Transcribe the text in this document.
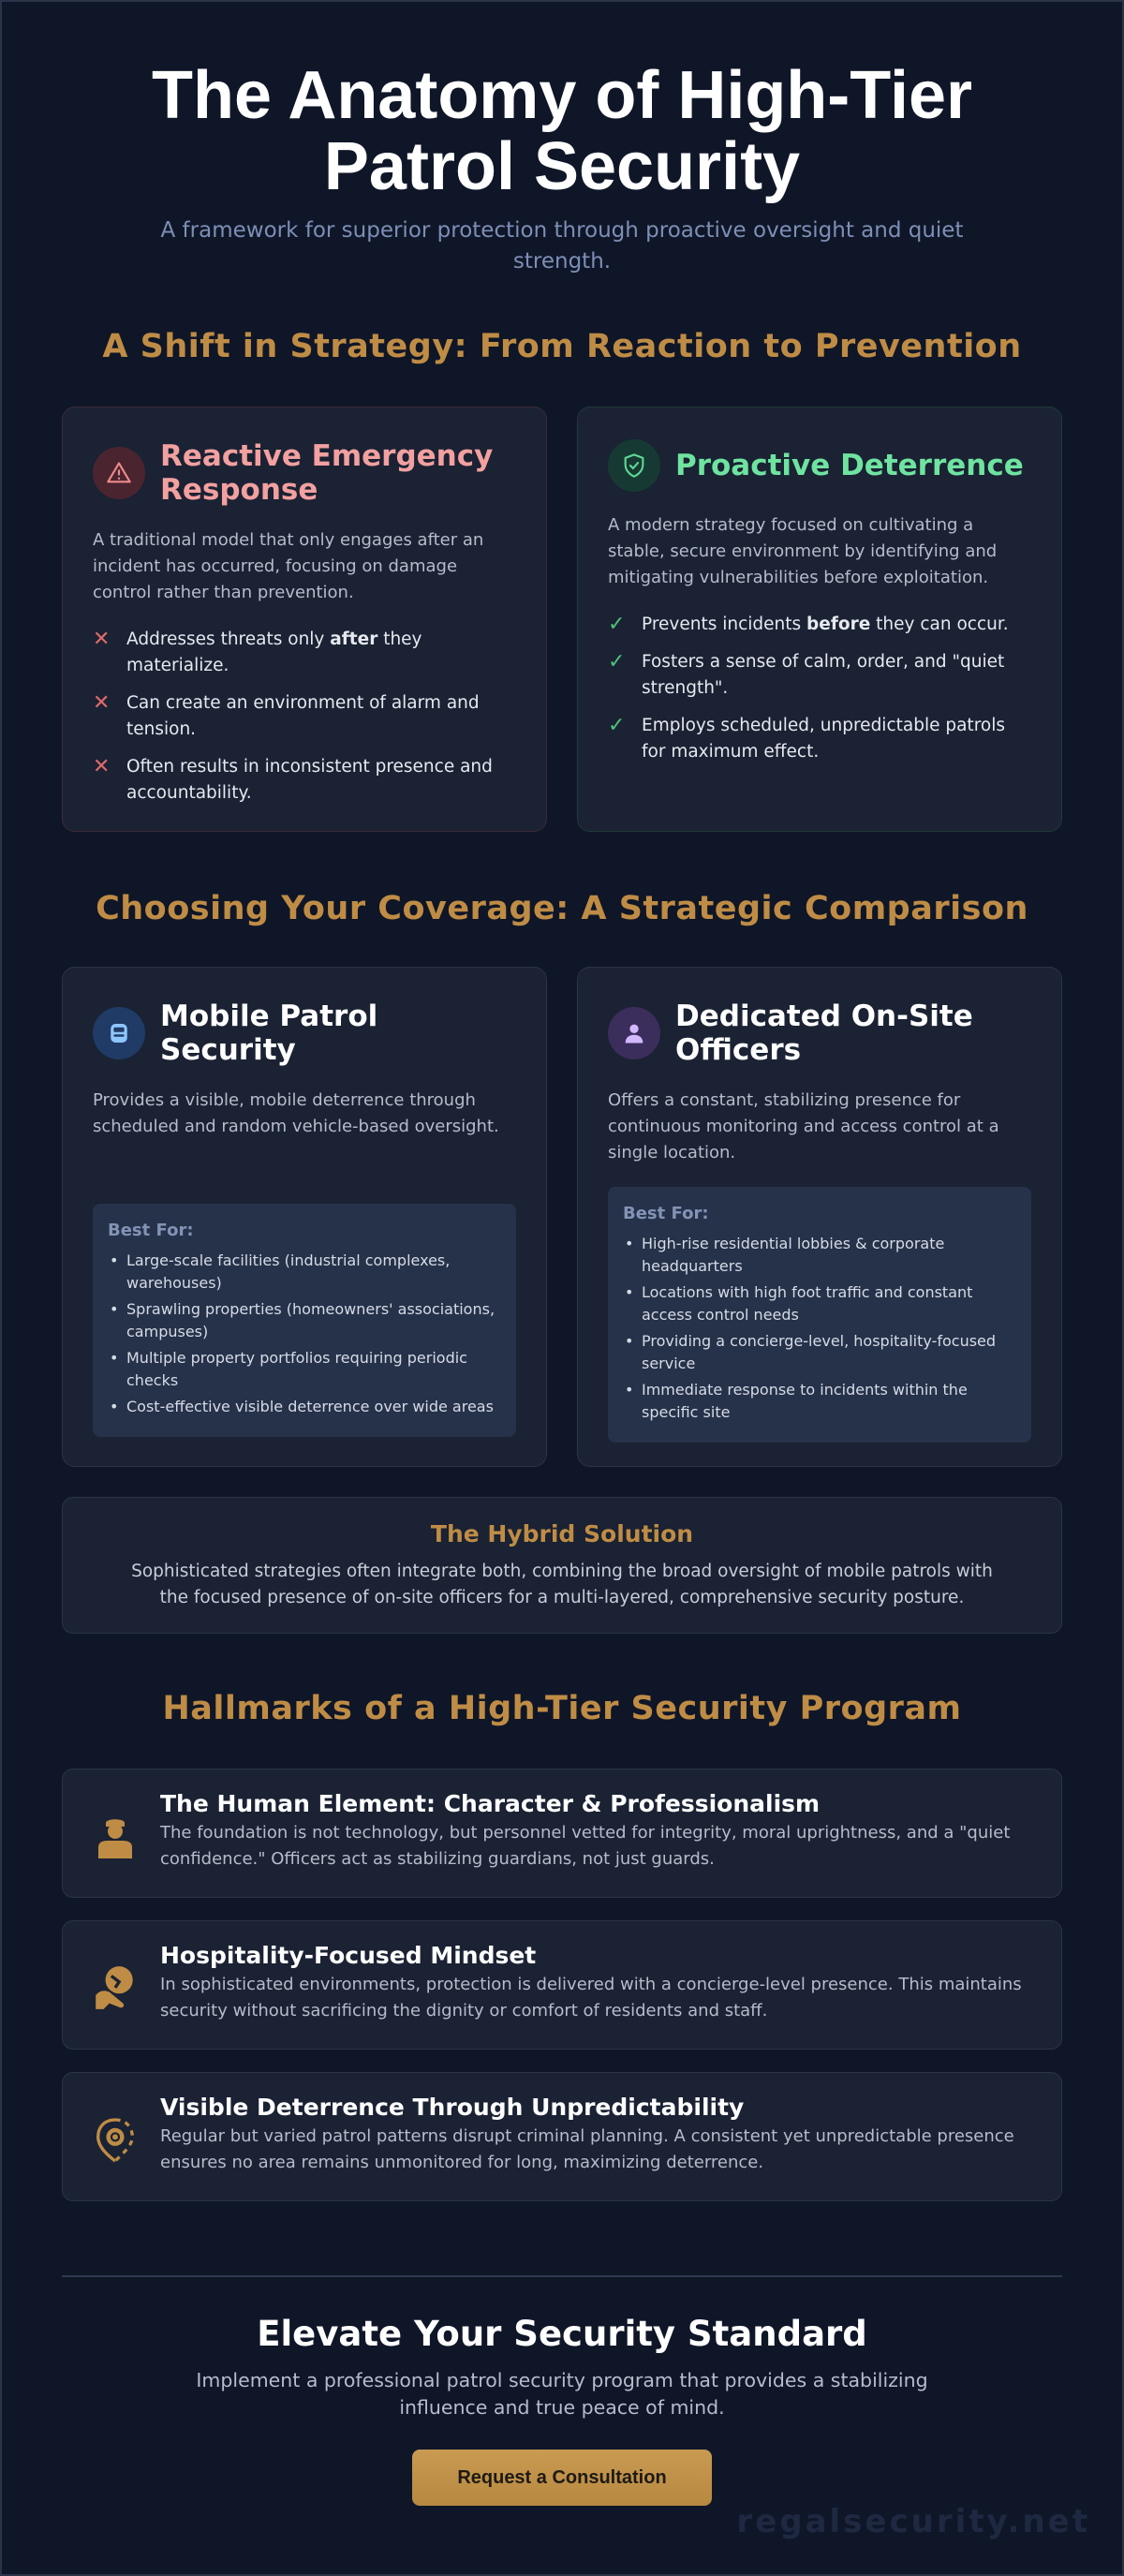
The Anatomy of High-Tier Patrol Security

A framework for superior protection through proactive oversight and quiet strength.

A Shift in Strategy: From Reaction to Prevention
Reactive Emergency Response

A traditional model that only engages after an incident has occurred, focusing on damage control rather than prevention.

✕ Addresses threats only after they materialize.
✕ Can create an environment of alarm and tension.
✕ Often results in inconsistent presence and accountability.
Proactive Deterrence

A modern strategy focused on cultivating a stable, secure environment by identifying and mitigating vulnerabilities before exploitation.

✓ Prevents incidents before they can occur.
✓ Fosters a sense of calm, order, and "quiet strength".
✓ Employs scheduled, unpredictable patrols for maximum effect.
Choosing Your Coverage: A Strategic Comparison
Mobile Patrol Security

Provides a visible, mobile deterrence through scheduled and random vehicle-based oversight.

Best For:
• Large-scale facilities (industrial complexes, warehouses)
• Sprawling properties (homeowners' associations, campuses)
• Multiple property portfolios requiring periodic checks
• Cost-effective visible deterrence over wide areas
Dedicated On-Site Officers

Offers a constant, stabilizing presence for continuous monitoring and access control at a single location.

Best For:
• High-rise residential lobbies & corporate headquarters
• Locations with high foot traffic and constant access control needs
• Providing a concierge-level, hospitality-focused service
• Immediate response to incidents within the specific site
The Hybrid Solution

Sophisticated strategies often integrate both, combining the broad oversight of mobile patrols with the focused presence of on-site officers for a multi-layered, comprehensive security posture.

Hallmarks of a High-Tier Security Program
The Human Element: Character & Professionalism

The foundation is not technology, but personnel vetted for integrity, moral uprightness, and a "quiet confidence." Officers act as stabilizing guardians, not just guards.

Hospitality-Focused Mindset

In sophisticated environments, protection is delivered with a concierge-level presence. This maintains security without sacrificing the dignity or comfort of residents and staff.

Visible Deterrence Through Unpredictability

Regular but varied patrol patterns disrupt criminal planning. A consistent yet unpredictable presence ensures no area remains unmonitored for long, maximizing deterrence.

Elevate Your Security Standard

Implement a professional patrol security program that provides a stabilizing influence and true peace of mind.

Request a Consultation
regalsecurity.net
